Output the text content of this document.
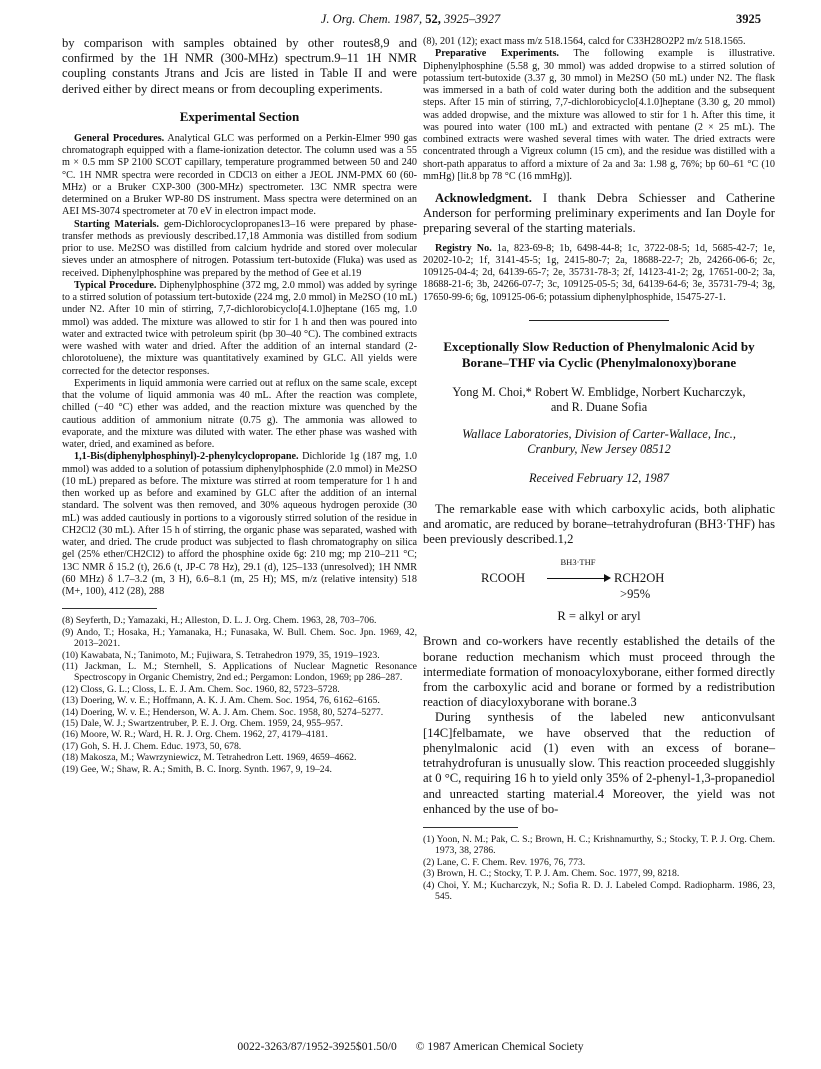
J. Org. Chem. 1987, 52, 3925–3927	3925

by comparison with samples obtained by other routes8,9 and confirmed by the 1H NMR (300-MHz) spectrum.9–11 1H NMR coupling constants Jtrans and Jcis are listed in Table II and were derived either by direct means or from decoupling experiments.

Experimental Section

General Procedures. Analytical GLC was performed on a Perkin-Elmer 990 gas chromatograph equipped with a flame-ionization detector. The column used was a 55 m × 0.5 mm SP 2100 SCOT capillary, temperature programmed between 50 and 240 °C. 1H NMR spectra were recorded in CDCl3 on either a JEOL JNM-PMX 60 (60-MHz) or a Bruker CXP-300 (300-MHz) spectrometer. 13C NMR spectra were determined on a Bruker WP-80 DS instrument. Mass spectra were determined on an AEI MS-3074 spectrometer at 70 eV in electron impact mode.

Starting Materials. gem-Dichlorocyclopropanes13–16 were prepared by phase-transfer methods as previously described.17,18 Ammonia was distilled from sodium prior to use. Me2SO was distilled from calcium hydride and stored over molecular sieves under an atmosphere of nitrogen. Potassium tert-butoxide (Fluka) was used as received. Diphenylphosphine was prepared by the method of Gee et al.19

Typical Procedure. Diphenylphosphine (372 mg, 2.0 mmol) was added by syringe to a stirred solution of potassium tert-butoxide (224 mg, 2.0 mmol) in Me2SO (10 mL) under N2. After 10 min of stirring, 7,7-dichlorobicyclo[4.1.0]heptane (165 mg, 1.0 mmol) was added. The mixture was allowed to stir for 1 h and then was poured into water and extracted twice with petroleum spirit (bp 30–40 °C). The combined extracts were washed with water and dried. After the addition of an internal standard (2-chlorotoluene), the mixture was quantitatively examined by GLC. All yields were corrected for the detector responses.

Experiments in liquid ammonia were carried out at reflux on the same scale, except that the volume of liquid ammonia was 40 mL. After the reaction was complete, chilled (−40 °C) ether was added, and the reaction mixture was quenched by the cautious addition of ammonium nitrate (0.75 g). The ammonia was allowed to evaporate, and the mixture was diluted with water. The ether phase was washed with water, dried, and examined as before.

1,1-Bis(diphenylphosphinyl)-2-phenylcyclopropane. Dichloride 1g (187 mg, 1.0 mmol) was added to a solution of potassium diphenylphosphide (2.0 mmol) in Me2SO (10 mL) prepared as before. The mixture was stirred at room temperature for 1 h and then worked up as before and examined by GLC after the addition of an internal standard. The solvent was then removed, and 30% aqueous hydrogen peroxide (30 mL) was added cautiously in portions to a vigorously stirred solution of the residue in CH2Cl2 (30 mL). After 15 h of stirring, the organic phase was separated, washed with water, and dried. The crude product was subjected to flash chromatography on silica gel (25% ether/CH2Cl2) to afford the phosphine oxide 6g: 210 mg; mp 210–211 °C; 13C NMR δ 15.2 (t), 26.6 (t, JP-C 78 Hz), 29.1 (d), 125–133 (unresolved); 1H NMR (60 MHz) δ 1.7–3.2 (m, 3 H), 6.6–8.1 (m, 25 H); MS, m/z (relative intensity) 518 (M+, 100), 412 (28), 288

(8) Seyferth, D.; Yamazaki, H.; Alleston, D. L. J. Org. Chem. 1963, 28, 703–706.

(9) Ando, T.; Hosaka, H.; Yamanaka, H.; Funasaka, W. Bull. Chem. Soc. Jpn. 1969, 42, 2013–2021.

(10) Kawabata, N.; Tanimoto, M.; Fujiwara, S. Tetrahedron 1979, 35, 1919–1923.

(11) Jackman, L. M.; Sternhell, S. Applications of Nuclear Magnetic Resonance Spectroscopy in Organic Chemistry, 2nd ed.; Pergamon: London, 1969; pp 286–287.

(12) Closs, G. L.; Closs, L. E. J. Am. Chem. Soc. 1960, 82, 5723–5728.

(13) Doering, W. v. E.; Hoffmann, A. K. J. Am. Chem. Soc. 1954, 76, 6162–6165.

(14) Doering, W. v. E.; Henderson, W. A. J. Am. Chem. Soc. 1958, 80, 5274–5277.

(15) Dale, W. J.; Swartzentruber, P. E. J. Org. Chem. 1959, 24, 955–957.

(16) Moore, W. R.; Ward, H. R. J. Org. Chem. 1962, 27, 4179–4181.

(17) Goh, S. H. J. Chem. Educ. 1973, 50, 678.

(18) Makosza, M.; Wawrzyniewicz, M. Tetrahedron Lett. 1969, 4659–4662.

(19) Gee, W.; Shaw, R. A.; Smith, B. C. Inorg. Synth. 1967, 9, 19–24.

(8), 201 (12); exact mass m/z 518.1564, calcd for C33H28O2P2 m/z 518.1565.

Preparative Experiments. The following example is illustrative. Diphenylphosphine (5.58 g, 30 mmol) was added dropwise to a stirred solution of potassium tert-butoxide (3.37 g, 30 mmol) in Me2SO (50 mL) under N2. The flask was immersed in a bath of cold water during both the addition and the subsequent steps. After 15 min of stirring, 7,7-dichlorobicyclo[4.1.0]heptane (3.30 g, 20 mmol) was added dropwise, and the mixture was allowed to stir for 1 h. After this time, it was poured into water (100 mL) and extracted with pentane (2 × 25 mL). The combined extracts were washed several times with water. The dried extracts were concentrated through a Vigreux column (15 cm), and the residue was distilled with a short-path apparatus to afford a mixture of 2a and 3a: 1.98 g, 76%; bp 60–61 °C (10 mmHg) [lit.8 bp 78 °C (16 mmHg)].

Acknowledgment. I thank Debra Schiesser and Catherine Anderson for performing preliminary experiments and Ian Doyle for preparing several of the starting materials.

Registry No. 1a, 823-69-8; 1b, 6498-44-8; 1c, 3722-08-5; 1d, 5685-42-7; 1e, 20202-10-2; 1f, 3141-45-5; 1g, 2415-80-7; 2a, 18688-22-7; 2b, 24266-06-6; 2c, 109125-04-4; 2d, 64139-65-7; 2e, 35731-78-3; 2f, 14123-41-2; 2g, 17651-00-2; 3a, 18688-21-6; 3b, 24266-07-7; 3c, 109125-05-5; 3d, 64139-64-6; 3e, 35731-79-4; 3g, 17650-99-6; 6g, 109125-06-6; potassium diphenylphosphide, 15475-27-1.

Exceptionally Slow Reduction of Phenylmalonic Acid by Borane–THF via Cyclic (Phenylmalonoxy)borane
Yong M. Choi,* Robert W. Emblidge, Norbert Kucharczyk,
and R. Duane Sofia
Wallace Laboratories, Division of Carter-Wallace, Inc.,
Cranbury, New Jersey 08512
Received February 12, 1987

The remarkable ease with which carboxylic acids, both aliphatic and aromatic, are reduced by borane–tetrahydrofuran (BH3·THF) has been previously described.1,2

RCOOH
BH3·THF
RCH2OH
>95%
R = alkyl or aryl

Brown and co-workers have recently established the details of the borane reduction mechanism which must proceed through the intermediate formation of monoacyloxyborane, either formed directly from the carboxylic acid and borane or formed by a redistribution reaction of diacyloxyborane with borane.3

During synthesis of the labeled new anticonvulsant [14C]felbamate, we have observed that the reduction of phenylmalonic acid (1) even with an excess of borane–tetrahydrofuran is unusually slow. This reaction proceeded sluggishly at 0 °C, requiring 16 h to yield only 35% of 2-phenyl-1,3-propanediol and unreacted starting material.4 Moreover, the yield was not enhanced by the use of bo-

(1) Yoon, N. M.; Pak, C. S.; Brown, H. C.; Krishnamurthy, S.; Stocky, T. P. J. Org. Chem. 1973, 38, 2786.

(2) Lane, C. F. Chem. Rev. 1976, 76, 773.

(3) Brown, H. C.; Stocky, T. P. J. Am. Chem. Soc. 1977, 99, 8218.

(4) Choi, Y. M.; Kucharczyk, N.; Sofia R. D. J. Labeled Compd. Radiopharm. 1986, 23, 545.

0022-3263/87/1952-3925$01.50/0 © 1987 American Chemical Society
